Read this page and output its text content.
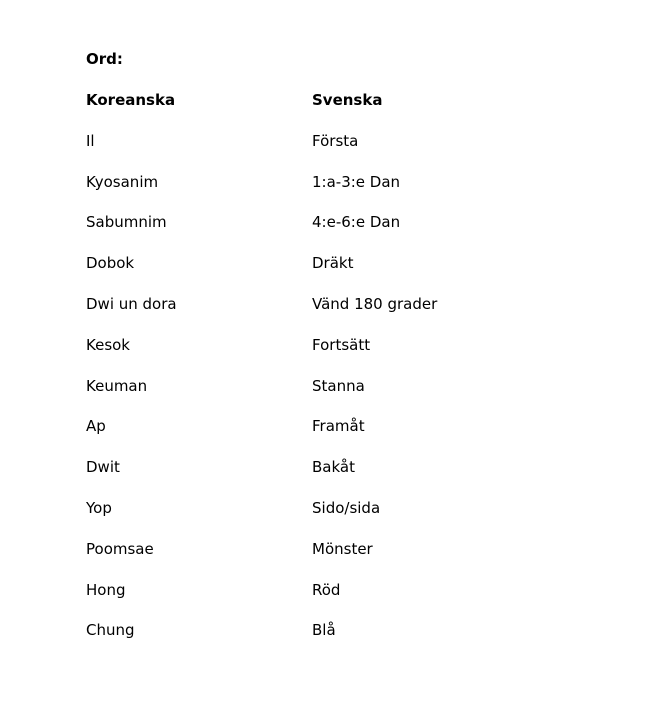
Ord:

Koreanska	Svenska
Il	Första
Kyosanim	1:a-3:e Dan
Sabumnim	4:e-6:e Dan
Dobok	Dräkt
Dwi un dora	Vänd 180 grader
Kesok	Fortsätt
Keuman	Stanna
Ap	Framåt
Dwit	Bakåt
Yop	Sido/sida
Poomsae	Mönster
Hong	Röd
Chung	Blå
